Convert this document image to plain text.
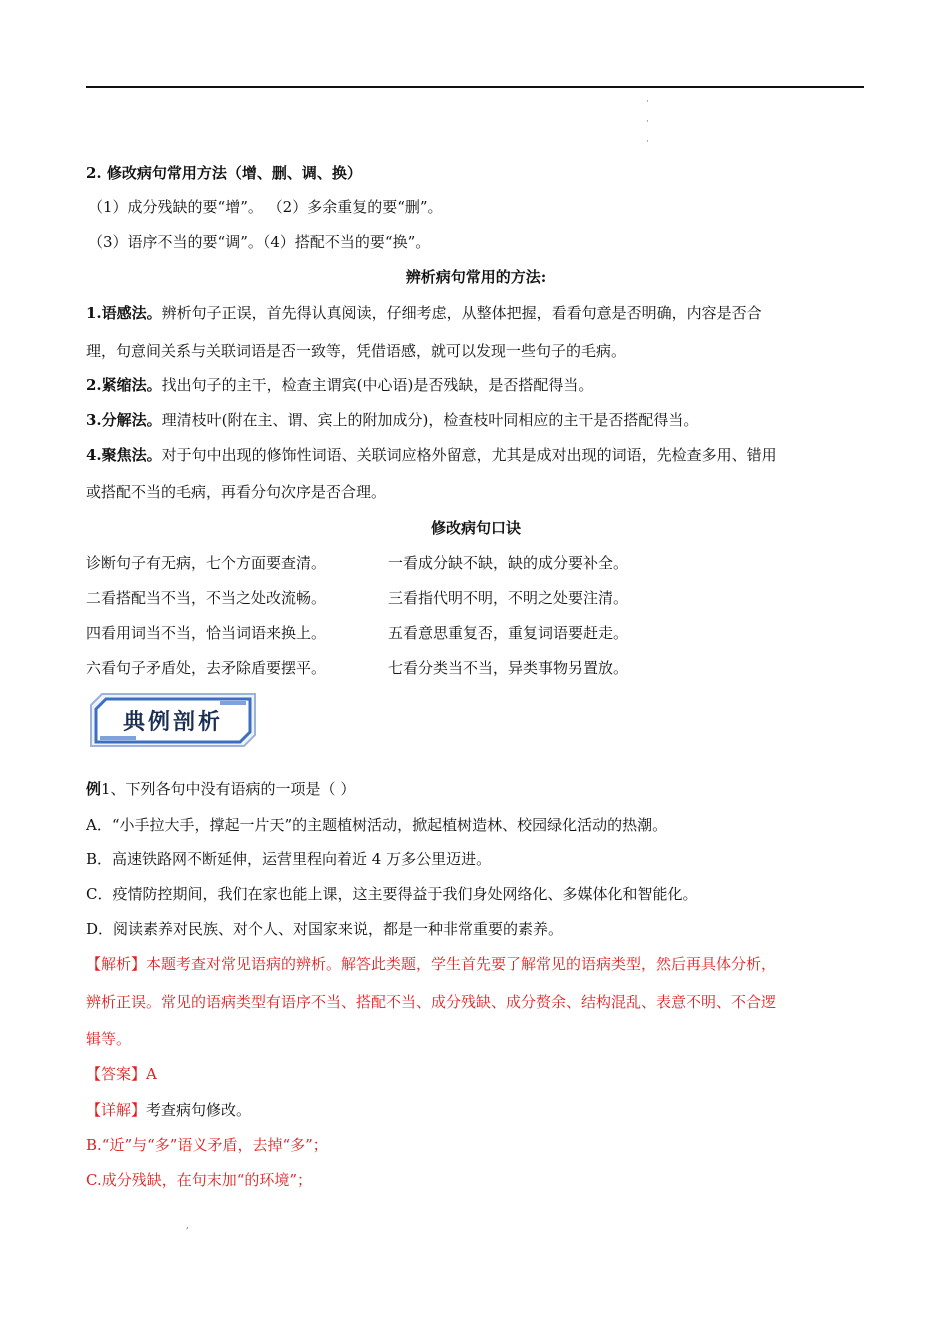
·
·
·
2. 修改病句常用方法（增、删、调、换）
（1）成分残缺的要“增”。 （2）多余重复的要“删”。
（3）语序不当的要“调”。（4）搭配不当的要“换”。
辨析病句常用的方法:
1.语感法。辨析句子正误，首先得认真阅读，仔细考虑，从整体把握，看看句意是否明确，内容是否合
理，句意间关系与关联词语是否一致等，凭借语感，就可以发现一些句子的毛病。
2.紧缩法。找出句子的主干，检查主谓宾(中心语)是否残缺，是否搭配得当。
3.分解法。理清枝叶(附在主、谓、宾上的附加成分)，检查枝叶同相应的主干是否搭配得当。
4.聚焦法。对于句中出现的修饰性词语、关联词应格外留意，尤其是成对出现的词语，先检查多用、错用
或搭配不当的毛病，再看分句次序是否合理。
修改病句口诀
诊断句子有无病，七个方面要查清。	一看成分缺不缺，缺的成分要补全。
二看搭配当不当，不当之处改流畅。	三看指代明不明，不明之处要注清。
四看用词当不当，恰当词语来换上。	五看意思重复否，重复词语要赶走。
六看句子矛盾处，去矛除盾要摆平。	七看分类当不当，异类事物另置放。
典例剖析
例1、下列各句中没有语病的一项是（ ）
A．“小手拉大手，撑起一片天”的主题植树活动，掀起植树造林、校园绿化活动的热潮。
B．高速铁路网不断延伸，运营里程向着近 4 万多公里迈进。
C．疫情防控期间，我们在家也能上课，这主要得益于我们身处网络化、多媒体化和智能化。
D．阅读素养对民族、对个人、对国家来说，都是一种非常重要的素养。
【解析】本题考查对常见语病的辨析。解答此类题，学生首先要了解常见的语病类型，然后再具体分析，
辨析正误。常见的语病类型有语序不当、搭配不当、成分残缺、成分赘余、结构混乱、表意不明、不合逻
辑等。
【答案】A
【详解】考查病句修改。
B.“近”与“多”语义矛盾，去掉“多”；
C.成分残缺，在句末加“的环境”；
,
